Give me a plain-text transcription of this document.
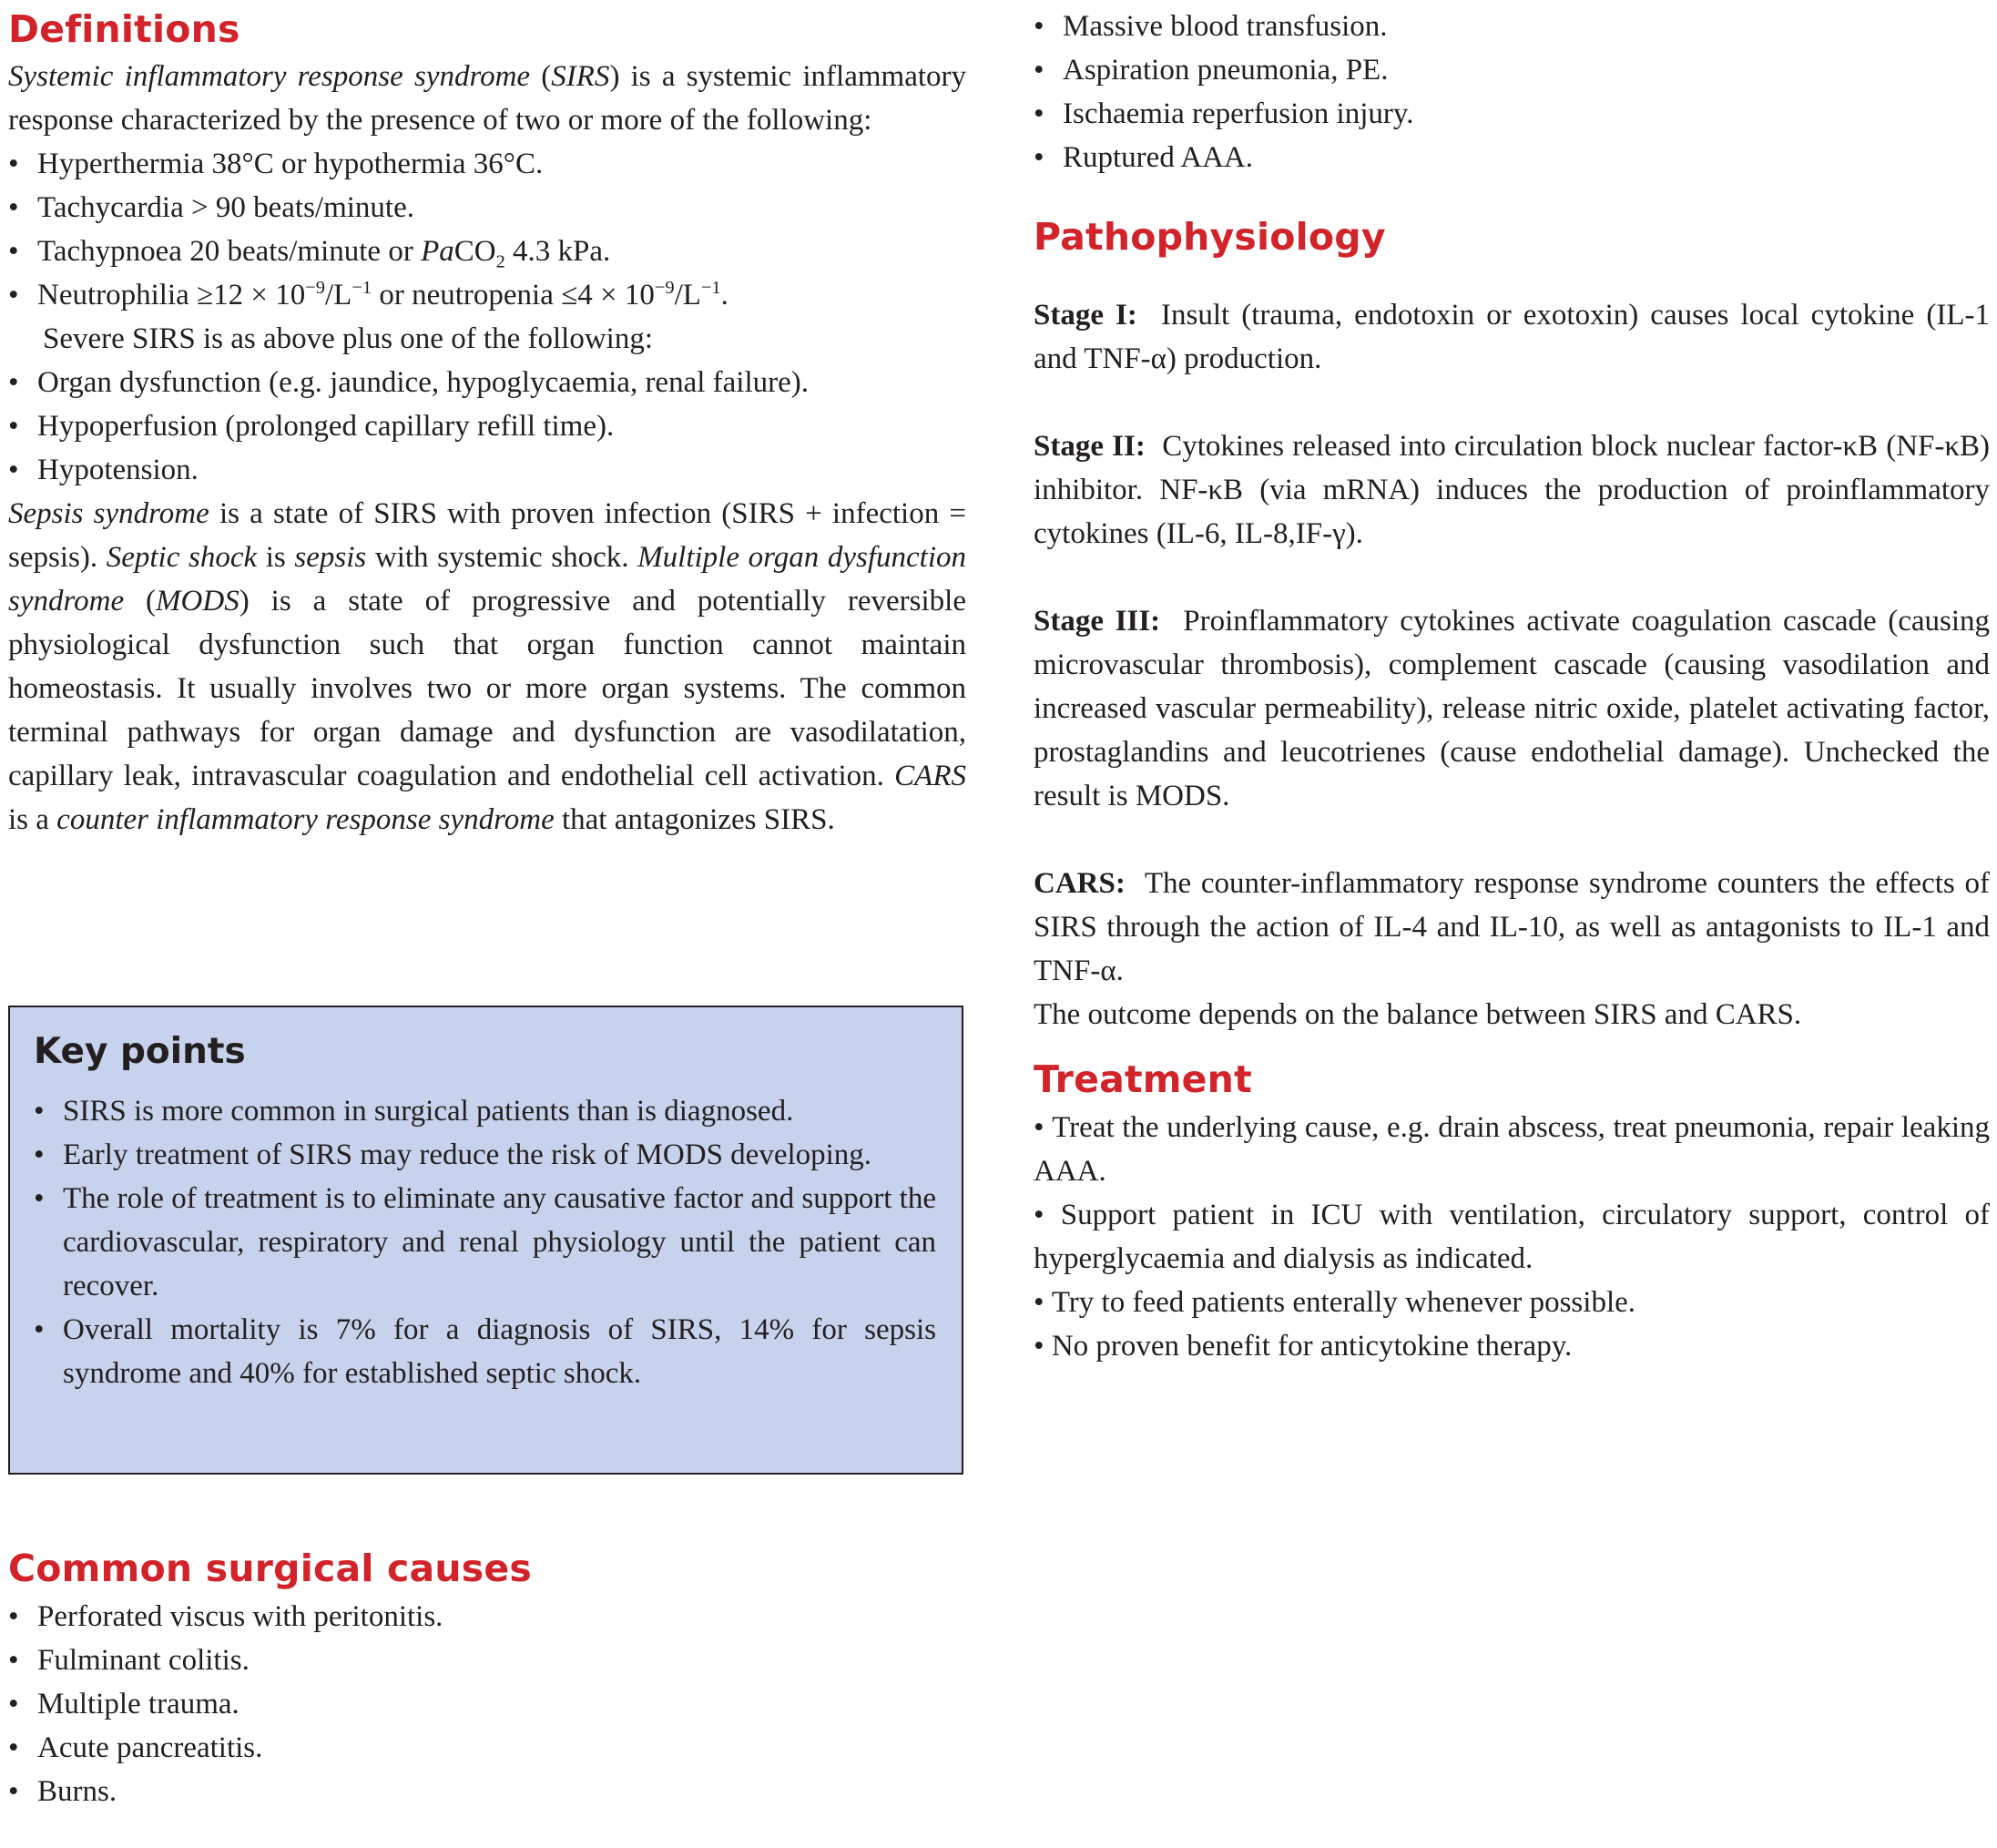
Definitions

Systemic inflammatory response syndrome (SIRS) is a systemic inflammatory response characterized by the presence of two or more of the following:

• Hyperthermia 38°C or hypothermia 36°C.
• Tachycardia > 90 beats/minute.
• Tachypnoea 20 beats/minute or PaCO$_2$ 4.3 kPa.
• Neutrophilia $\ge 12 \times 10^{-9}/L^{-1}$ or neutropenia $\le 4 \times 10^{-9}/L^{-1}$.
Severe SIRS is as above plus one of the following:
• Organ dysfunction (e.g. jaundice, hypoglycaemia, renal failure).
• Hypoperfusion (prolonged capillary refill time).
• Hypotension.

Sepsis syndrome is a state of SIRS with proven infection (SIRS + infection = sepsis). Septic shock is sepsis with systemic shock. Multiple organ dysfunction syndrome (MODS) is a state of progressive and potentially reversible physiological dysfunction such that organ function cannot maintain homeostasis. It usually involves two or more organ systems. The common terminal pathways for organ damage and dysfunction are vasodilatation, capillary leak, intravascular coagulation and endothelial cell activation. CARS is a counter inflammatory response syndrome that antagonizes SIRS.

Key points
• SIRS is more common in surgical patients than is diagnosed.
• Early treatment of SIRS may reduce the risk of MODS developing.
• The role of treatment is to eliminate any causative factor and support the cardiovascular, respiratory and renal physiology until the patient can recover.
• Overall mortality is 7% for a diagnosis of SIRS, 14% for sepsis syndrome and 40% for established septic shock.
Common surgical causes
• Perforated viscus with peritonitis.
• Fulminant colitis.
• Multiple trauma.
• Acute pancreatitis.
• Burns.
• Massive blood transfusion.
• Aspiration pneumonia, PE.
• Ischaemia reperfusion injury.
• Ruptured AAA.
Pathophysiology

Stage I: Insult (trauma, endotoxin or exotoxin) causes local cytokine (IL-1 and TNF-α) production.

Stage II: Cytokines released into circulation block nuclear factor-κB (NF-κB) inhibitor. NF-κB (via mRNA) induces the production of proinflammatory cytokines (IL-6, IL-8,IF-γ).

Stage III: Proinflammatory cytokines activate coagulation cascade (causing microvascular thrombosis), complement cascade (causing vasodilation and increased vascular permeability), release nitric oxide, platelet activating factor, prostaglandins and leucotrienes (cause endothelial damage). Unchecked the result is MODS.

CARS: The counter-inflammatory response syndrome counters the effects of SIRS through the action of IL-4 and IL-10, as well as antagonists to IL-1 and TNF-α.

The outcome depends on the balance between SIRS and CARS.

Treatment

• Treat the underlying cause, e.g. drain abscess, treat pneumonia, repair leaking AAA.

• Support patient in ICU with ventilation, circulatory support, control of hyperglycaemia and dialysis as indicated.

• Try to feed patients enterally whenever possible.

• No proven benefit for anticytokine therapy.
